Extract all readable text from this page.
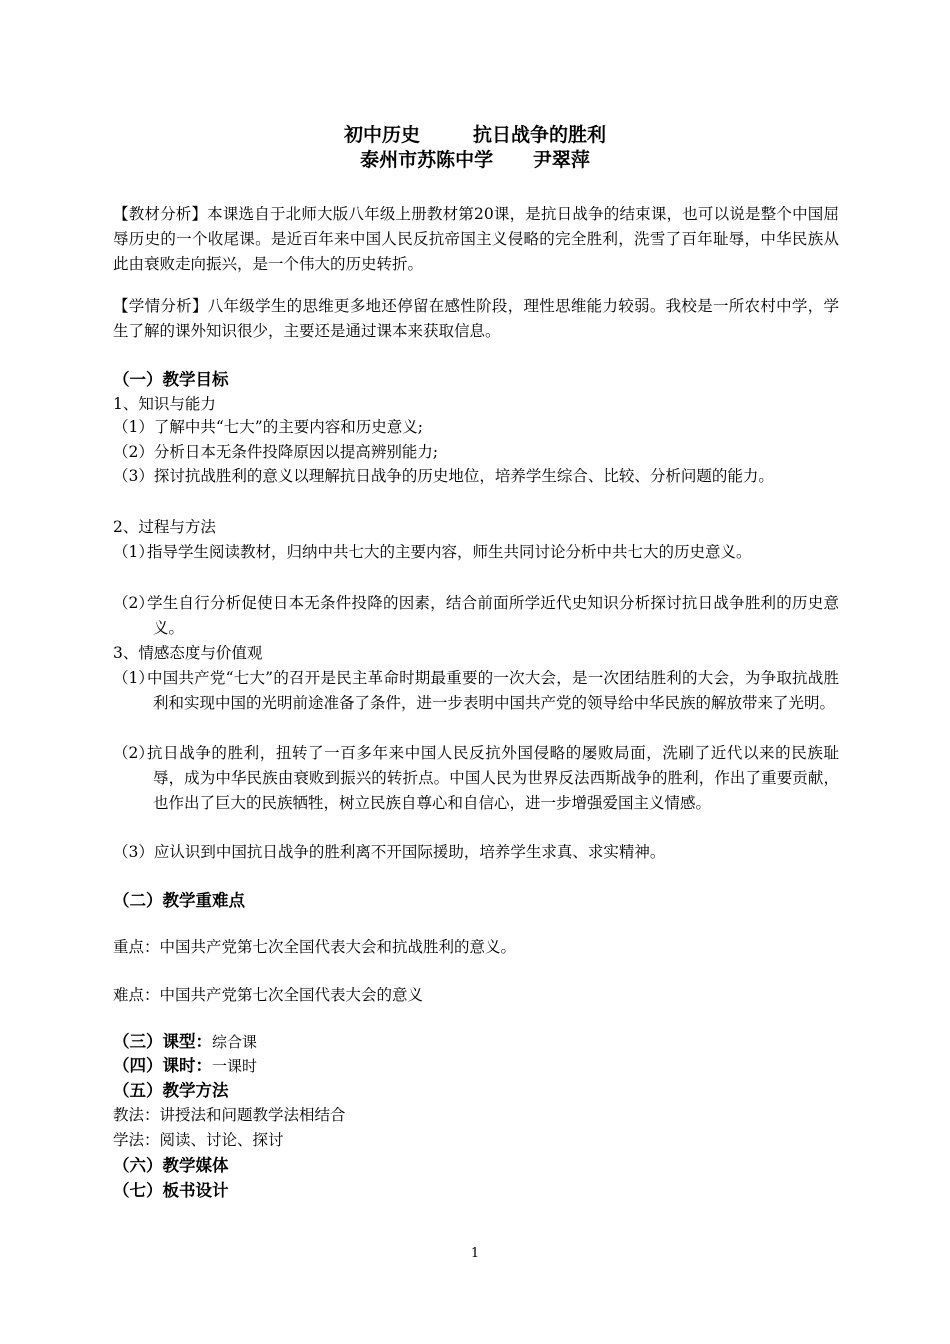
初中历史        抗日战争的胜利
泰州市苏陈中学      尹翠萍
【教材分析】本课选自于北师大版八年级上册教材第20课，是抗日战争的结束课，也可以说是整个中国屈辱历史的一个收尾课。是近百年来中国人民反抗帝国主义侵略的完全胜利，洗雪了百年耻辱，中华民族从此由衰败走向振兴，是一个伟大的历史转折。
【学情分析】八年级学生的思维更多地还停留在感性阶段，理性思维能力较弱。我校是一所农村中学，学生了解的课外知识很少，主要还是通过课本来获取信息。
（一）教学目标
1、知识与能力
（1）了解中共“七大”的主要内容和历史意义;
（2）分析日本无条件投降原因以提高辨别能力;
（3）探讨抗战胜利的意义以理解抗日战争的历史地位，培养学生综合、比较、分析问题的能力。
2、过程与方法
（1）
指导学生阅读教材，归纳中共七大的主要内容，师生共同讨论分析中共七大的历史意义。
（2）
学生自行分析促使日本无条件投降的因素，结合前面所学近代史知识分析探讨抗日战争胜利的历史意义。
3、情感态度与价值观
（1）
中国共产党“七大”的召开是民主革命时期最重要的一次大会，是一次团结胜利的大会，为争取抗战胜利和实现中国的光明前途准备了条件，进一步表明中国共产党的领导给中华民族的解放带来了光明。
（2）
抗日战争的胜利，扭转了一百多年来中国人民反抗外国侵略的屡败局面，洗刷了近代以来的民族耻辱，成为中华民族由衰败到振兴的转折点。中国人民为世界反法西斯战争的胜利，作出了重要贡献，也作出了巨大的民族牺牲，树立民族自尊心和自信心，进一步增强爱国主义情感。
（3）应认识到中国抗日战争的胜利离不开国际援助，培养学生求真、求实精神。
（二）教学重难点
重点：中国共产党第七次全国代表大会和抗战胜利的意义。
难点：中国共产党第七次全国代表大会的意义
（三）课型：综合课
（四）课时：一课时
（五）教学方法
教法：讲授法和问题教学法相结合
学法：阅读、讨论、探讨
（六）教学媒体
（七）板书设计
1
